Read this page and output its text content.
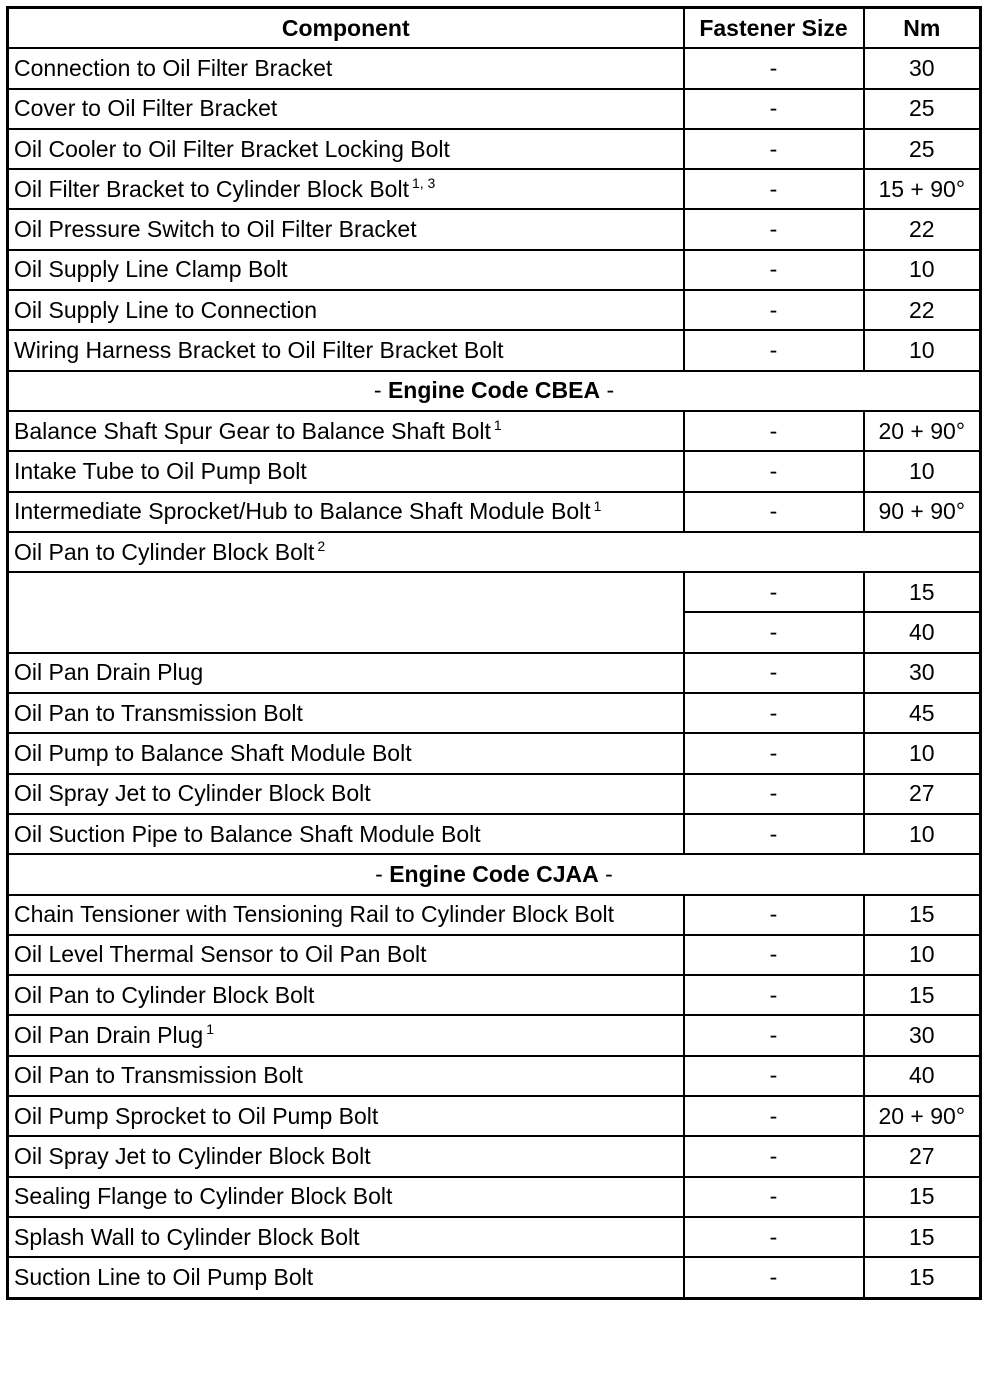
Component	Fastener Size	Nm
Connection to Oil Filter Bracket	-	30
Cover to Oil Filter Bracket	-	25
Oil Cooler to Oil Filter Bracket Locking Bolt	-	25
Oil Filter Bracket to Cylinder Block Bolt $^{1, 3}$	-	15 + 90°
Oil Pressure Switch to Oil Filter Bracket	-	22
Oil Supply Line Clamp Bolt	-	10
Oil Supply Line to Connection	-	22
Wiring Harness Bracket to Oil Filter Bracket Bolt	-	10
- Engine Code CBEA -		
Balance Shaft Spur Gear to Balance Shaft Bolt $^1$	-	20 + 90°
Intake Tube to Oil Pump Bolt	-	10
Intermediate Sprocket/Hub to Balance Shaft Module Bolt $^1$	-	90 + 90°
Oil Pan to Cylinder Block Bolt $^2$
	-	15
	-	40
Oil Pan Drain Plug	-	30
Oil Pan to Transmission Bolt	-	45
Oil Pump to Balance Shaft Module Bolt	-	10
Oil Spray Jet to Cylinder Block Bolt	-	27
Oil Suction Pipe to Balance Shaft Module Bolt	-	10
- Engine Code CJAA -		
Chain Tensioner with Tensioning Rail to Cylinder Block Bolt	-	15
Oil Level Thermal Sensor to Oil Pan Bolt	-	10
Oil Pan to Cylinder Block Bolt	-	15
Oil Pan Drain Plug $^1$	-	30
Oil Pan to Transmission Bolt	-	40
Oil Pump Sprocket to Oil Pump Bolt	-	20 + 90°
Oil Spray Jet to Cylinder Block Bolt	-	27
Sealing Flange to Cylinder Block Bolt	-	15
Splash Wall to Cylinder Block Bolt	-	15
Suction Line to Oil Pump Bolt	-	15
